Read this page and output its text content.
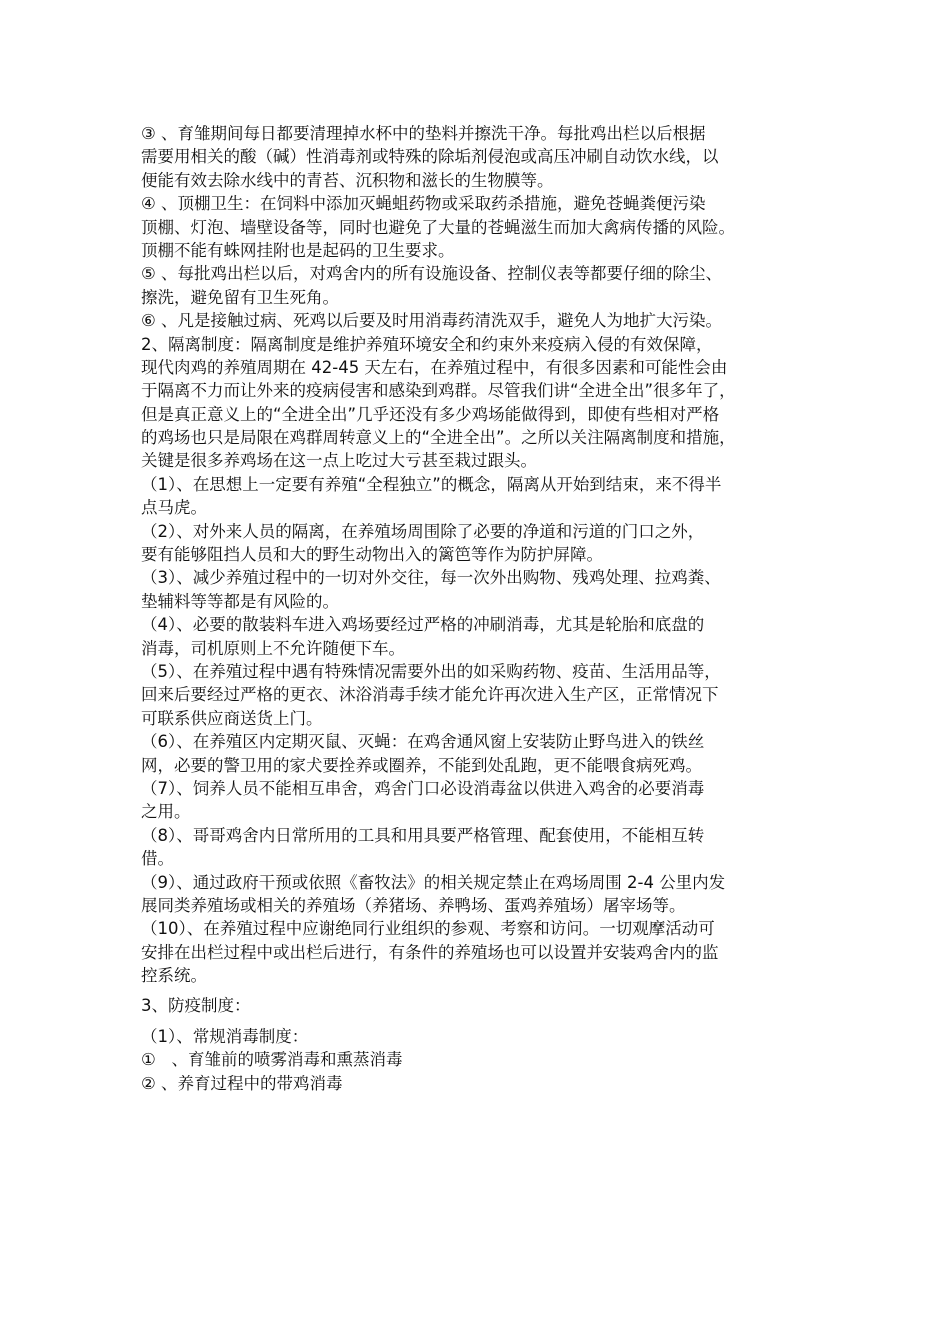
③ 、育雏期间每日都要清理掉水杯中的垫料并擦洗干净。每批鸡出栏以后根据
需要用相关的酸（碱）性消毒剂或特殊的除垢剂侵泡或高压冲刷自动饮水线，以
便能有效去除水线中的青苔、沉积物和滋长的生物膜等。
④ 、顶棚卫生：在饲料中添加灭蝇蛆药物或采取药杀措施，避免苍蝇粪便污染
顶棚、灯泡、墙壁设备等，同时也避免了大量的苍蝇滋生而加大禽病传播的风险。
顶棚不能有蛛网挂附也是起码的卫生要求。
⑤ 、每批鸡出栏以后，对鸡舍内的所有设施设备、控制仪表等都要仔细的除尘、
擦洗，避免留有卫生死角。
⑥ 、凡是接触过病、死鸡以后要及时用消毒药清洗双手，避免人为地扩大污染。
2、隔离制度：隔离制度是维护养殖环境安全和约束外来疫病入侵的有效保障，
现代肉鸡的养殖周期在 42-45 天左右，在养殖过程中，有很多因素和可能性会由
于隔离不力而让外来的疫病侵害和感染到鸡群。尽管我们讲“全进全出”很多年了，
但是真正意义上的“全进全出”几乎还没有多少鸡场能做得到，即使有些相对严格
的鸡场也只是局限在鸡群周转意义上的“全进全出”。之所以关注隔离制度和措施，
关键是很多养鸡场在这一点上吃过大亏甚至栽过跟头。
（1）、在思想上一定要有养殖“全程独立”的概念，隔离从开始到结束，来不得半
点马虎。
（2）、对外来人员的隔离，在养殖场周围除了必要的净道和污道的门口之外，
要有能够阻挡人员和大的野生动物出入的篱笆等作为防护屏障。
（3）、减少养殖过程中的一切对外交往，每一次外出购物、残鸡处理、拉鸡粪、
垫辅料等等都是有风险的。
（4）、必要的散装料车进入鸡场要经过严格的冲刷消毒，尤其是轮胎和底盘的
消毒，司机原则上不允许随便下车。
（5）、在养殖过程中遇有特殊情况需要外出的如采购药物、疫苗、生活用品等，
回来后要经过严格的更衣、沐浴消毒手续才能允许再次进入生产区，正常情况下
可联系供应商送货上门。
（6）、在养殖区内定期灭鼠、灭蝇：在鸡舍通风窗上安装防止野鸟进入的铁丝
网，必要的警卫用的家犬要拴养或圈养，不能到处乱跑，更不能喂食病死鸡。
（7）、饲养人员不能相互串舍，鸡舍门口必设消毒盆以供进入鸡舍的必要消毒
之用。
（8）、哥哥鸡舍内日常所用的工具和用具要严格管理、配套使用，不能相互转
借。
（9）、通过政府干预或依照《畜牧法》的相关规定禁止在鸡场周围 2-4 公里内发
展同类养殖场或相关的养殖场（养猪场、养鸭场、蛋鸡养殖场）屠宰场等。
（10）、在养殖过程中应谢绝同行业组织的参观、考察和访问。一切观摩活动可
安排在出栏过程中或出栏后进行，有条件的养殖场也可以设置并安装鸡舍内的监
控系统。
3、防疫制度：
（1）、常规消毒制度：
①   、育雏前的喷雾消毒和熏蒸消毒
② 、养育过程中的带鸡消毒
